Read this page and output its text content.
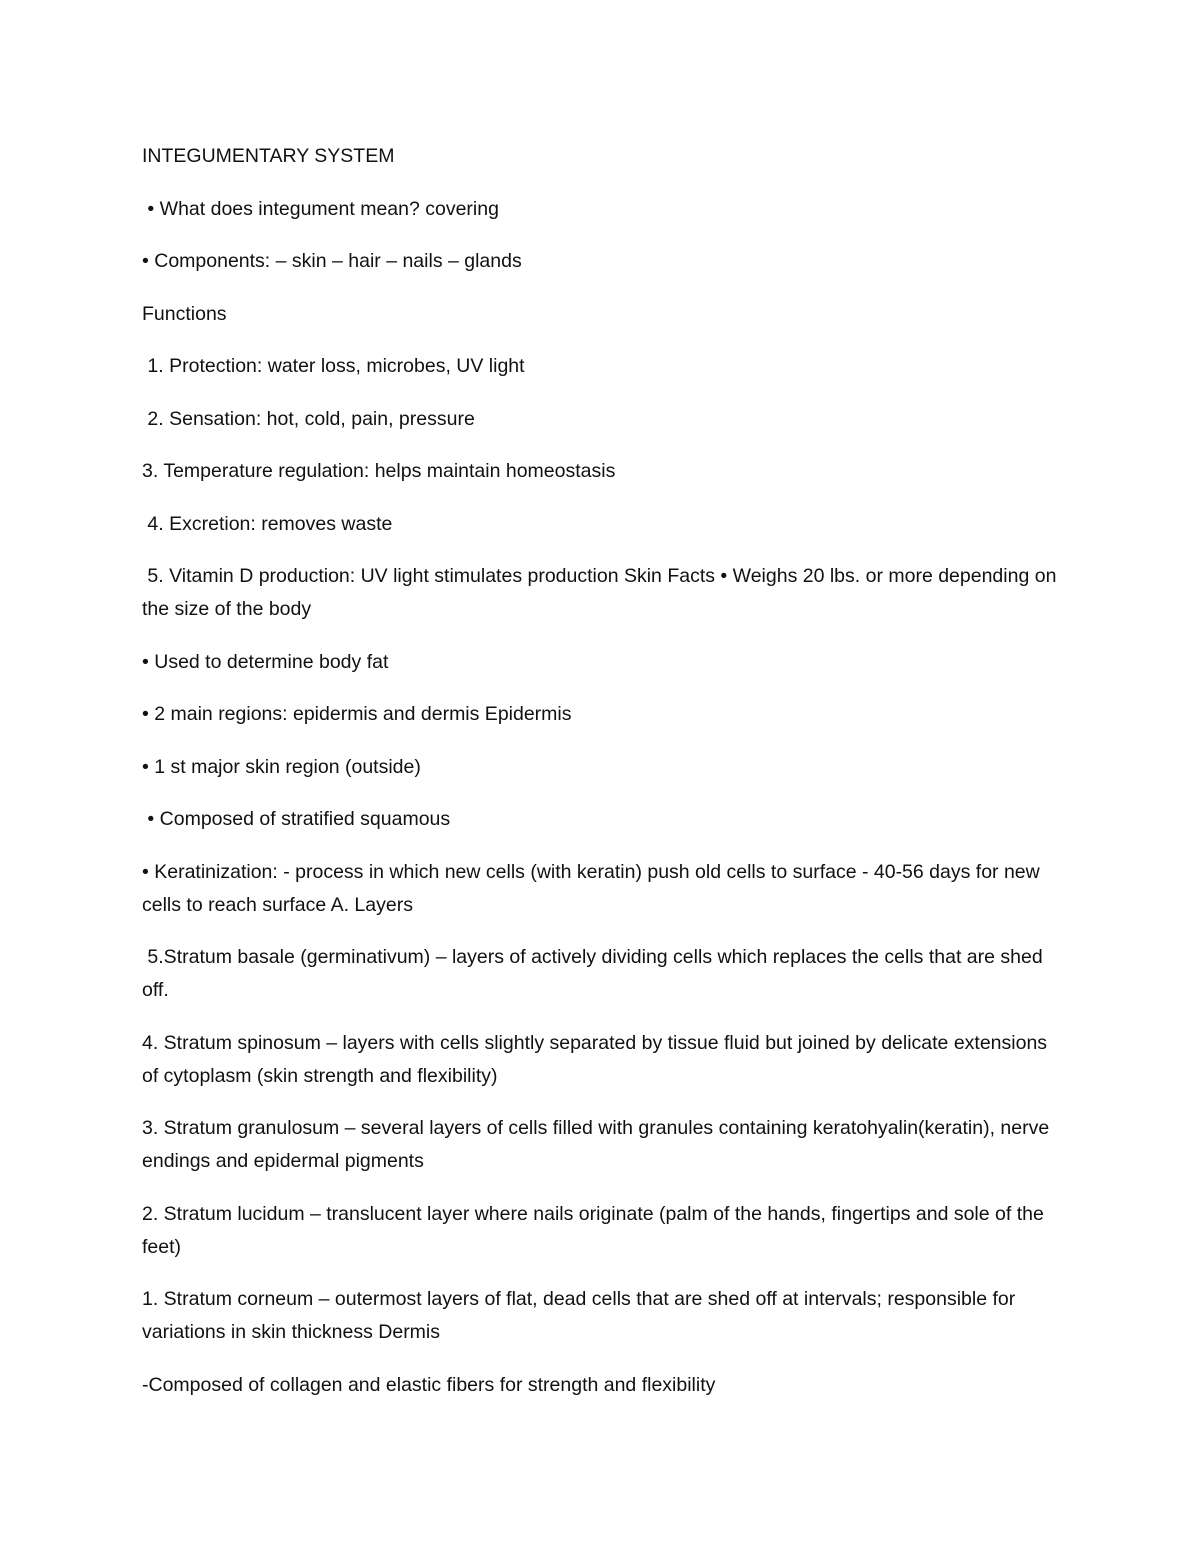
INTEGUMENTARY SYSTEM

• What does integument mean? covering

• Components: – skin – hair – nails – glands

Functions

1. Protection: water loss, microbes, UV light

2. Sensation: hot, cold, pain, pressure

3. Temperature regulation: helps maintain homeostasis

4. Excretion: removes waste

5. Vitamin D production: UV light stimulates production Skin Facts • Weighs 20 lbs. or more depending on the size of the body

• Used to determine body fat

• 2 main regions: epidermis and dermis Epidermis

• 1 st major skin region (outside)

• Composed of stratified squamous

• Keratinization: - process in which new cells (with keratin) push old cells to surface - 40-56 days for new cells to reach surface A. Layers

5.Stratum basale (germinativum) – layers of actively dividing cells which replaces the cells that are shed off.

4. Stratum spinosum – layers with cells slightly separated by tissue fluid but joined by delicate extensions of cytoplasm (skin strength and flexibility)

3. Stratum granulosum – several layers of cells filled with granules containing keratohyalin(keratin), nerve endings and epidermal pigments

2. Stratum lucidum – translucent layer where nails originate (palm of the hands, fingertips and sole of the feet)

1. Stratum corneum – outermost layers of flat, dead cells that are shed off at intervals; responsible for variations in skin thickness Dermis

-Composed of collagen and elastic fibers for strength and flexibility
